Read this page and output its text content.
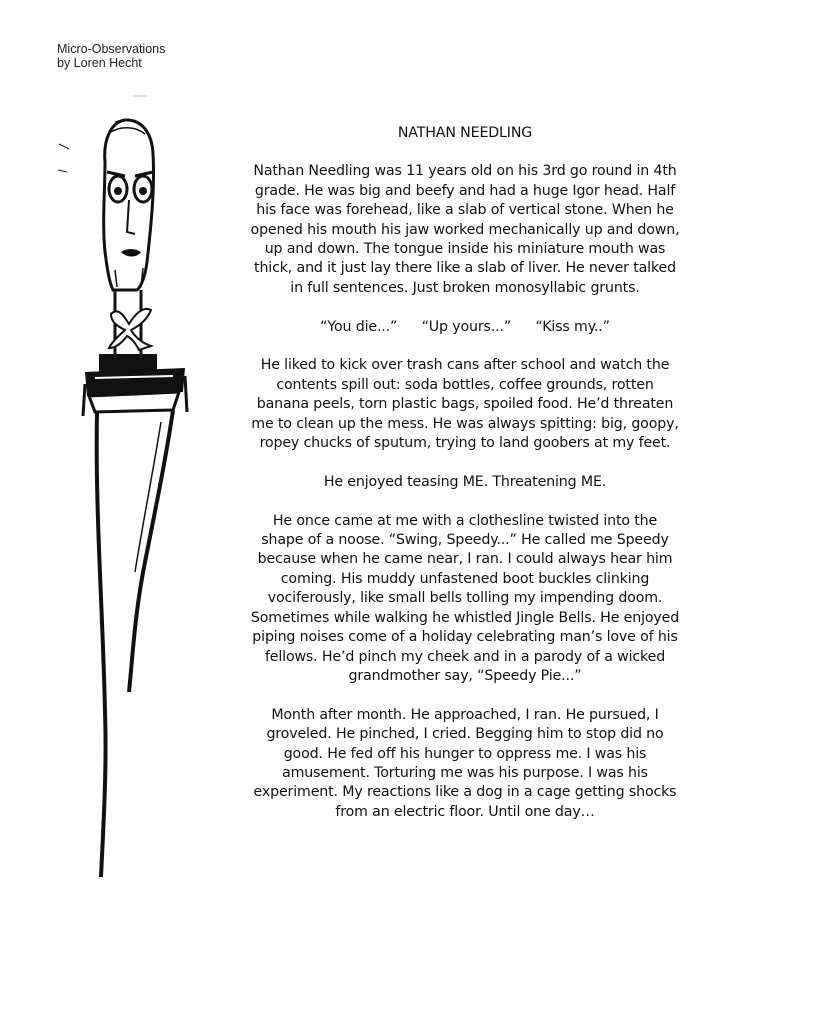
Micro-Observations
by Loren Hecht
NATHAN NEEDLING

Nathan Needling was 11 years old on his 3rd go round in 4th grade. He was big and beefy and had a huge Igor head. Half his face was forehead, like a slab of vertical stone. When he opened his mouth his jaw worked mechanically up and down, up and down. The tongue inside his miniature mouth was thick, and it just lay there like a slab of liver. He never talked in full sentences. Just broken monosyllabic grunts.

“You die...” “Up yours...” “Kiss my..”

He liked to kick over trash cans after school and watch the contents spill out: soda bottles, coffee grounds, rotten banana peels, torn plastic bags, spoiled food. He’d threaten me to clean up the mess. He was always spitting: big, goopy, ropey chucks of sputum, trying to land goobers at my feet.

He enjoyed teasing ME. Threatening ME.

He once came at me with a clothesline twisted into the shape of a noose. “Swing, Speedy...” He called me Speedy because when he came near, I ran. I could always hear him coming. His muddy unfastened boot buckles clinking vociferously, like small bells tolling my impending doom. Sometimes while walking he whistled Jingle Bells. He enjoyed piping noises come of a holiday celebrating man’s love of his fellows. He’d pinch my cheek and in a parody of a wicked grandmother say, “Speedy Pie...”

Month after month. He approached, I ran. He pursued, I groveled. He pinched, I cried. Begging him to stop did no good. He fed off his hunger to oppress me. I was his amusement. Torturing me was his purpose. I was his experiment. My reactions like a dog in a cage getting shocks from an electric floor. Until one day…
